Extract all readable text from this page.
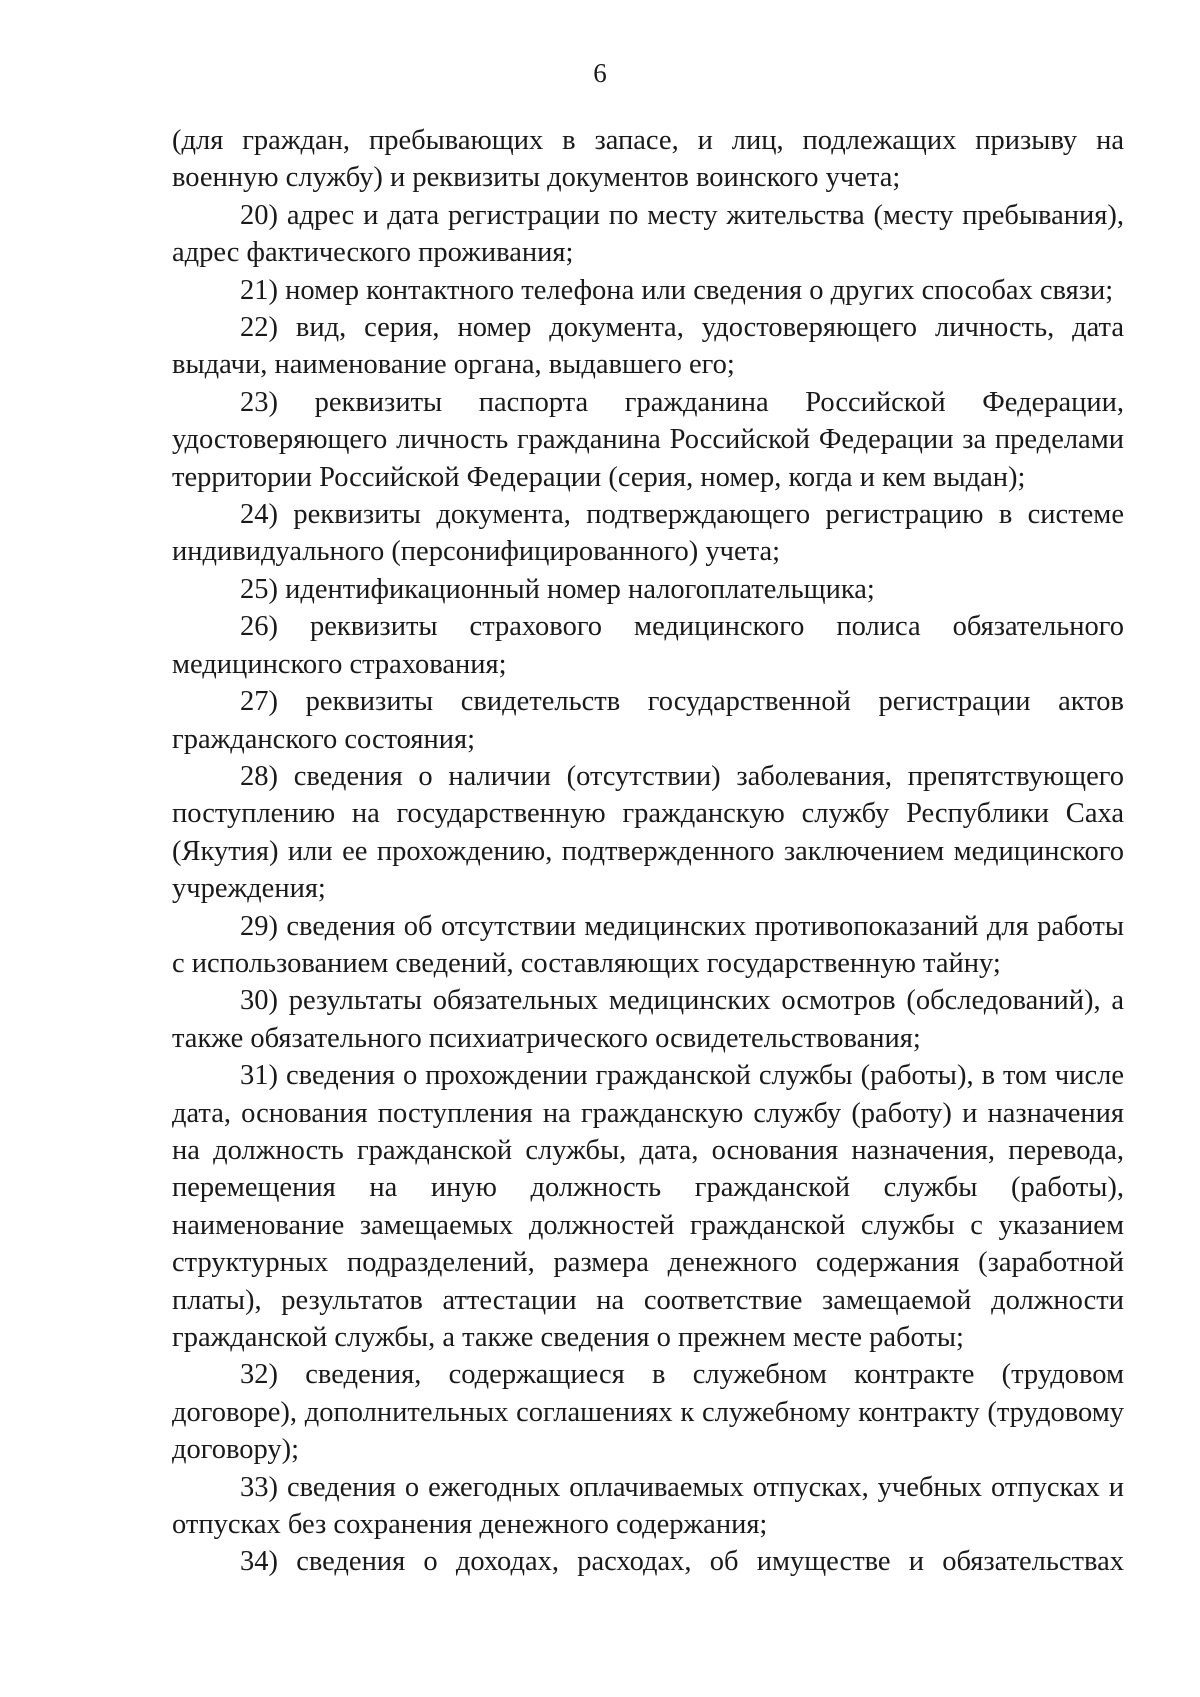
6

(для граждан, пребывающих в запасе, и лиц, подлежащих призыву на военную службу) и реквизиты документов воинского учета;

20) адрес и дата регистрации по месту жительства (месту пребывания), адрес фактического проживания;

21) номер контактного телефона или сведения о других способах связи;

22) вид, серия, номер документа, удостоверяющего личность, дата выдачи, наименование органа, выдавшего его;

23) реквизиты паспорта гражданина Российской Федерации, удостоверяющего личность гражданина Российской Федерации за пределами территории Российской Федерации (серия, номер, когда и кем выдан);

24) реквизиты документа, подтверждающего регистрацию в системе индивидуального (персонифицированного) учета;

25) идентификационный номер налогоплательщика;

26) реквизиты страхового медицинского полиса обязательного медицинского страхования;

27) реквизиты свидетельств государственной регистрации актов гражданского состояния;

28) сведения о наличии (отсутствии) заболевания, препятствующего поступлению на государственную гражданскую службу Республики Саха (Якутия) или ее прохождению, подтвержденного заключением медицинского учреждения;

29) сведения об отсутствии медицинских противопоказаний для работы с использованием сведений, составляющих государственную тайну;

30) результаты обязательных медицинских осмотров (обследований), а также обязательного психиатрического освидетельствования;

31) сведения о прохождении гражданской службы (работы), в том числе дата, основания поступления на гражданскую службу (работу) и назначения на должность гражданской службы, дата, основания назначения, перевода, перемещения на иную должность гражданской службы (работы), наименование замещаемых должностей гражданской службы с указанием структурных подразделений, размера денежного содержания (заработной платы), результатов аттестации на соответствие замещаемой должности гражданской службы, а также сведения о прежнем месте работы;

32) сведения, содержащиеся в служебном контракте (трудовом договоре), дополнительных соглашениях к служебному контракту (трудовому договору);

33) сведения о ежегодных оплачиваемых отпусках, учебных отпусках и отпусках без сохранения денежного содержания;

34) сведения о доходах, расходах, об имуществе и обязательствах
